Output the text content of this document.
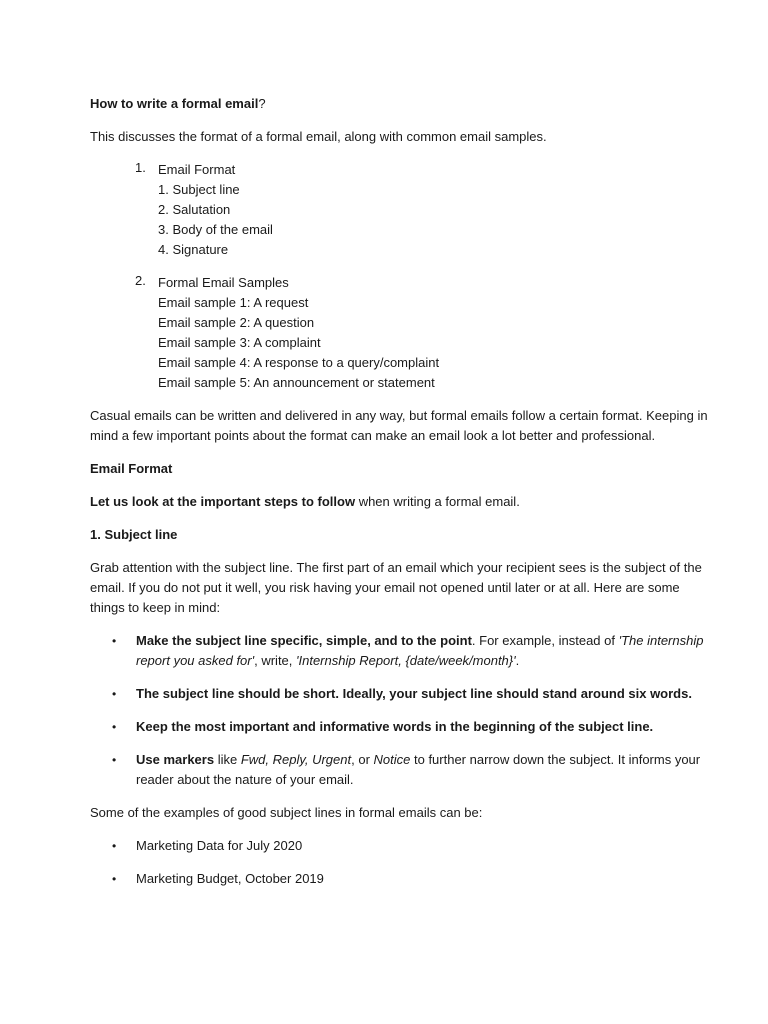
How to write a formal email?

This discusses the format of a formal email, along with common email samples.

1. Email Format
1. Subject line
2. Salutation
3. Body of the email
4. Signature
2. Formal Email Samples
Email sample 1: A request
Email sample 2: A question
Email sample 3: A complaint
Email sample 4: A response to a query/complaint
Email sample 5: An announcement or statement

Casual emails can be written and delivered in any way, but formal emails follow a certain format. Keeping in mind a few important points about the format can make an email look a lot better and professional.

Email Format

Let us look at the important steps to follow when writing a formal email.

1. Subject line

Grab attention with the subject line. The first part of an email which your recipient sees is the subject of the email. If you do not put it well, you risk having your email not opened until later or at all. Here are some things to keep in mind:

• Make the subject line specific, simple, and to the point. For example, instead of 'The internship report you asked for', write, 'Internship Report, {date/week/month}'.
• The subject line should be short. Ideally, your subject line should stand around six words.
• Keep the most important and informative words in the beginning of the subject line.
• Use markers like Fwd, Reply, Urgent, or Notice to further narrow down the subject. It informs your reader about the nature of your email.

Some of the examples of good subject lines in formal emails can be:

• Marketing Data for July 2020
• Marketing Budget, October 2019
